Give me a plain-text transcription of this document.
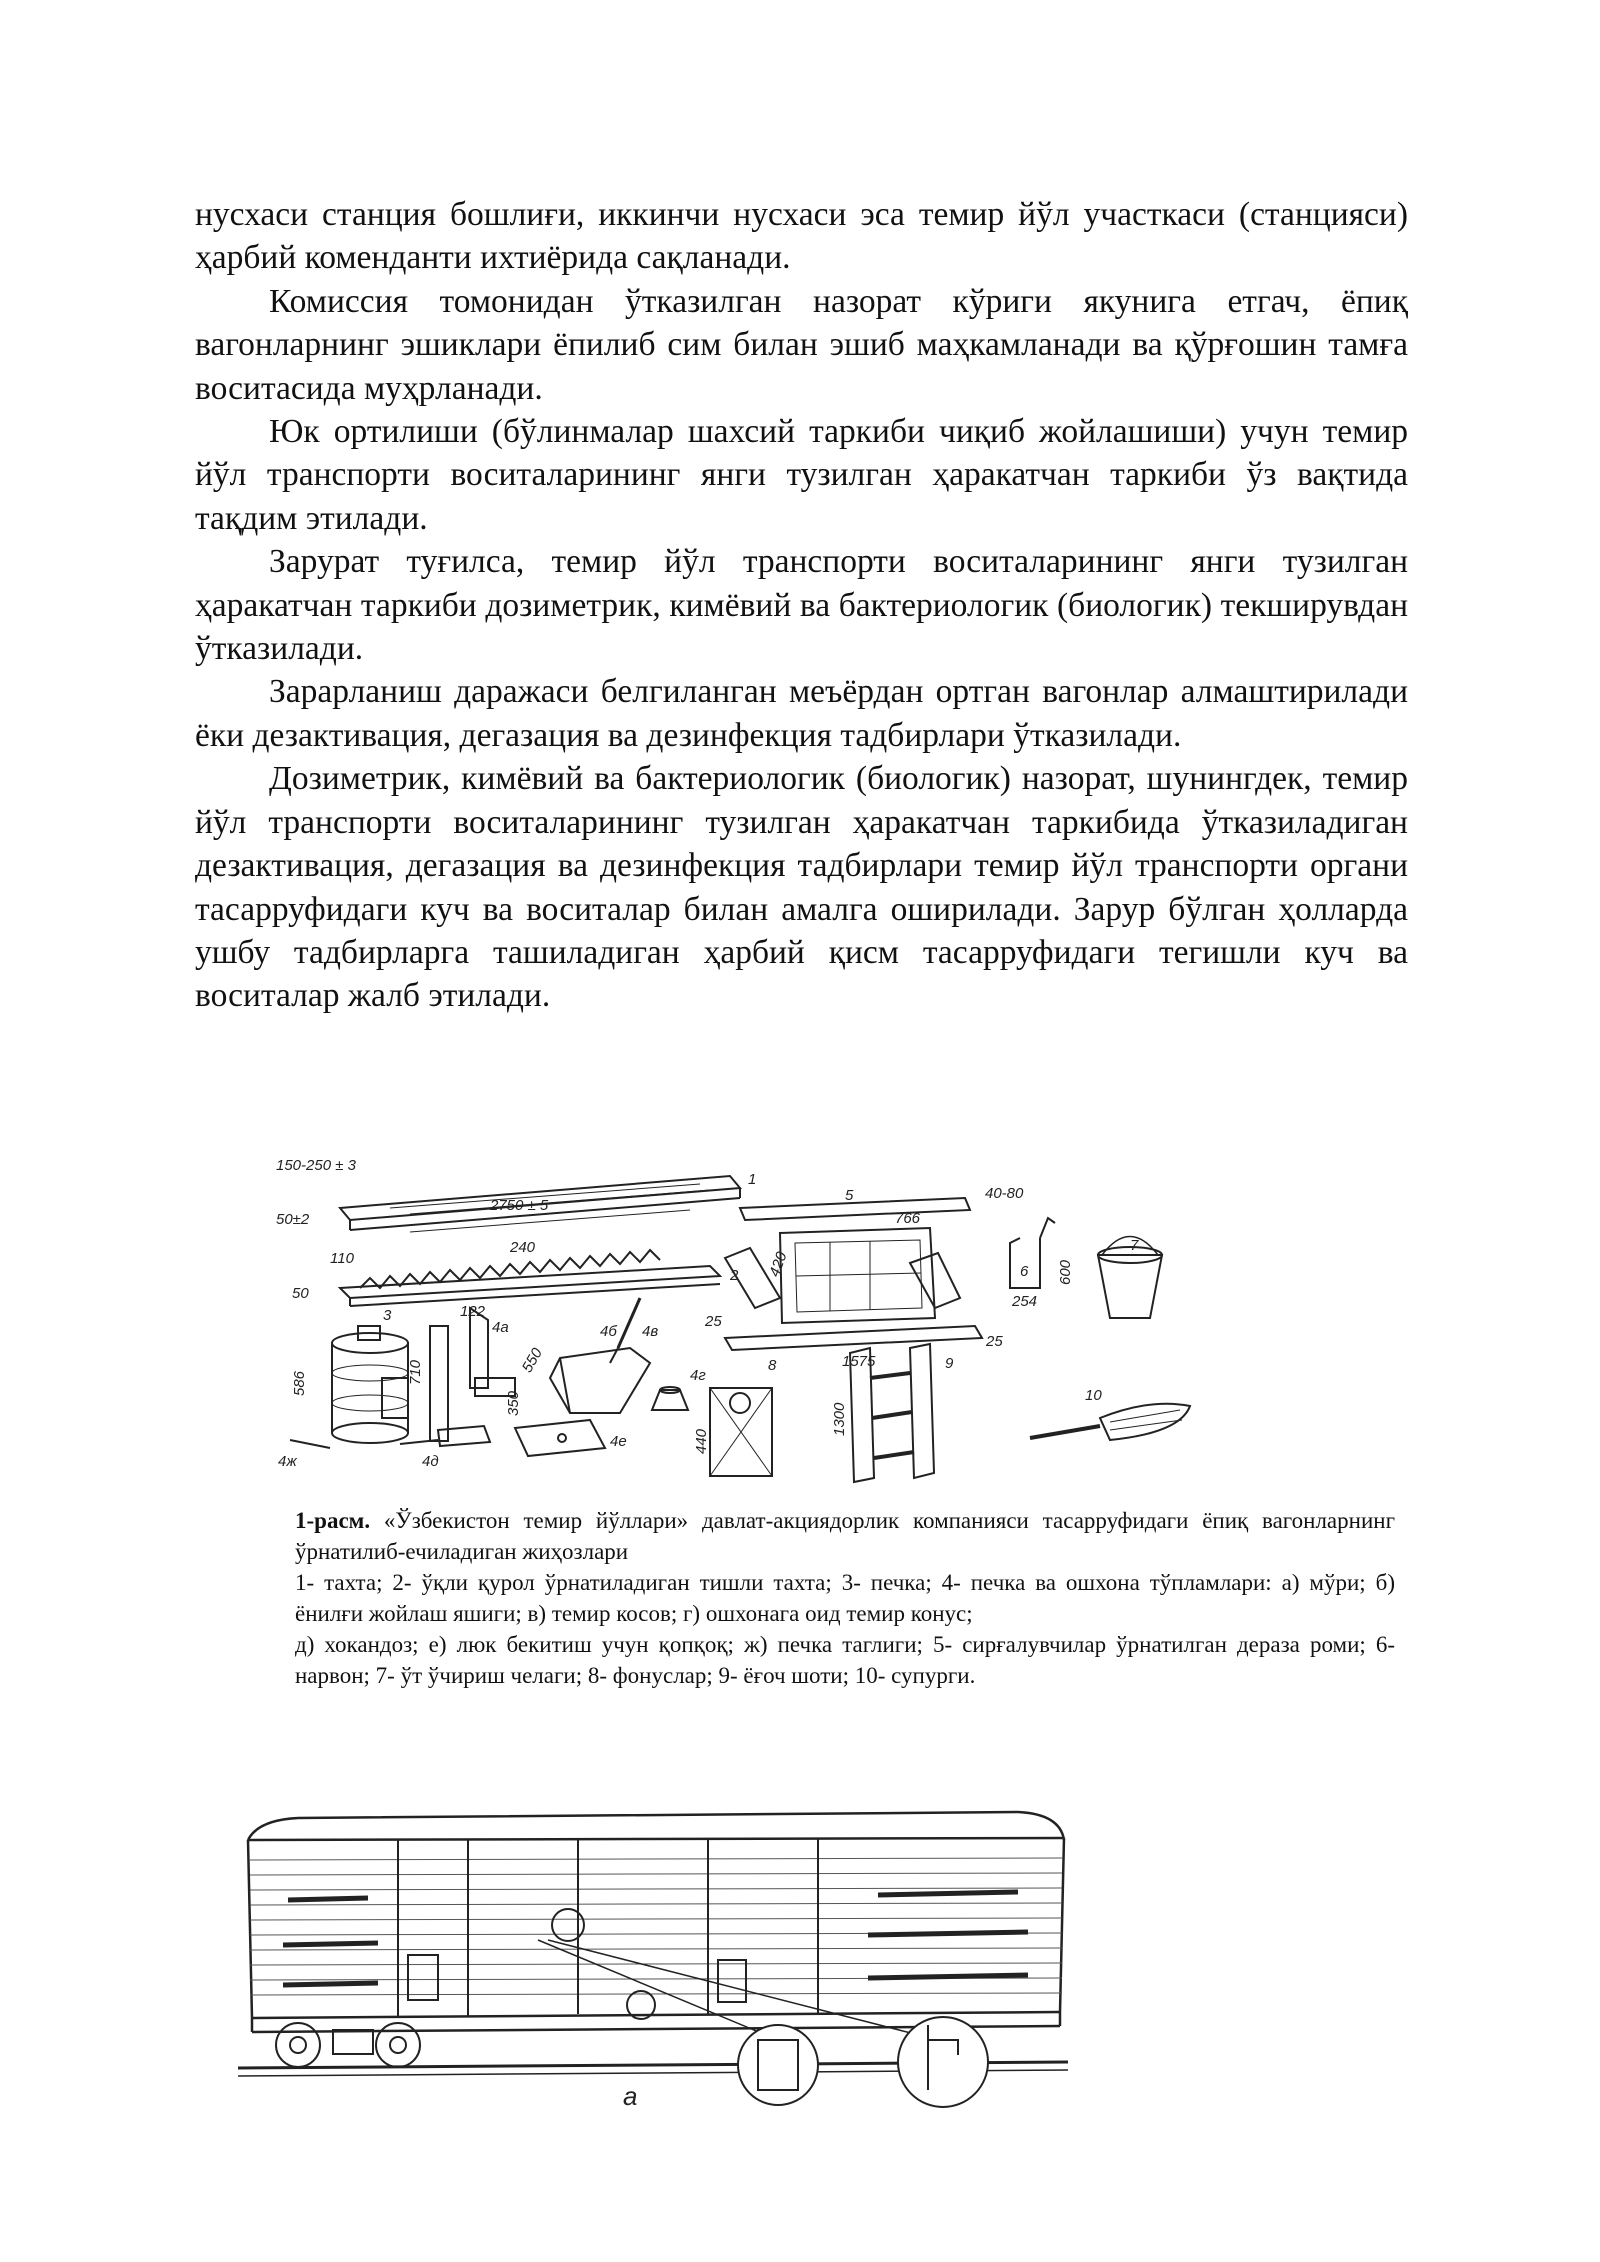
нусхаси станция бошлиғи, иккинчи нусхаси эса темир йўл участкаси (станцияси) ҳарбий коменданти ихтиёрида сақланади.

Комиссия томонидан ўтказилган назорат кўриги якунига етгач, ёпиқ вагонларнинг эшиклари ёпилиб сим билан эшиб маҳкамланади ва қўрғошин тамға воситасида муҳрланади.

Юк ортилиши (бўлинмалар шахсий таркиби чиқиб жойлашиши) учун темир йўл транспорти воситаларининг янги тузилган ҳаракатчан таркиби ўз вақтида тақдим этилади.

Зарурат туғилса, темир йўл транспорти воситаларининг янги тузилган ҳаракатчан таркиби дозиметрик, кимёвий ва бактериологик (биологик) текширувдан ўтказилади.

Зарарланиш даражаси белгиланган меъёрдан ортган вагонлар алмаштирилади ёки дезактивация, дегазация ва дезинфекция тадбирлари ўтказилади.

Дозиметрик, кимёвий ва бактериологик (биологик) назорат, шунингдек, темир йўл транспорти воситаларининг тузилган ҳаракатчан таркибида ўтказиладиган дезактивация, дегазация ва дезинфекция тадбирлари темир йўл транспорти органи тасарруфидаги куч ва воситалар билан амалга оширилади. Зарур бўлган ҳолларда ушбу тадбирларга ташиладиган ҳарбий қисм тасарруфидаги тегишли куч ва воситалар жалб этилади.

150-250 ± 3
50±2
2750 ± 5
1
110
240
50
2
3
586	710
122
4а
550
350
4б 4в
4г
4д
4е
4ж
5
420
766
40-80
25
1575
25
6
254
600
7
8
440
1300
9
10

1-расм. «Ўзбекистон темир йўллари» давлат-акциядорлик компанияси тасарруфидаги ёпиқ вагонларнинг ўрнатилиб-ечиладиган жиҳозлари

1- тахта; 2- ўқли қурол ўрнатиладиган тишли тахта; 3- печка; 4- печка ва ошхона тўпламлари: а) мўри; б) ёнилғи жойлаш яшиги; в) темир косов; г) ошхонага оид темир конус;

д) хокандоз; е) люк бекитиш учун қопқоқ; ж) печка таглиги; 5- сирғалувчилар ўрнатилган дераза роми; 6- нарвон; 7- ўт ўчириш челаги; 8- фонуслар; 9- ёғоч шоти; 10- супурги.

а
